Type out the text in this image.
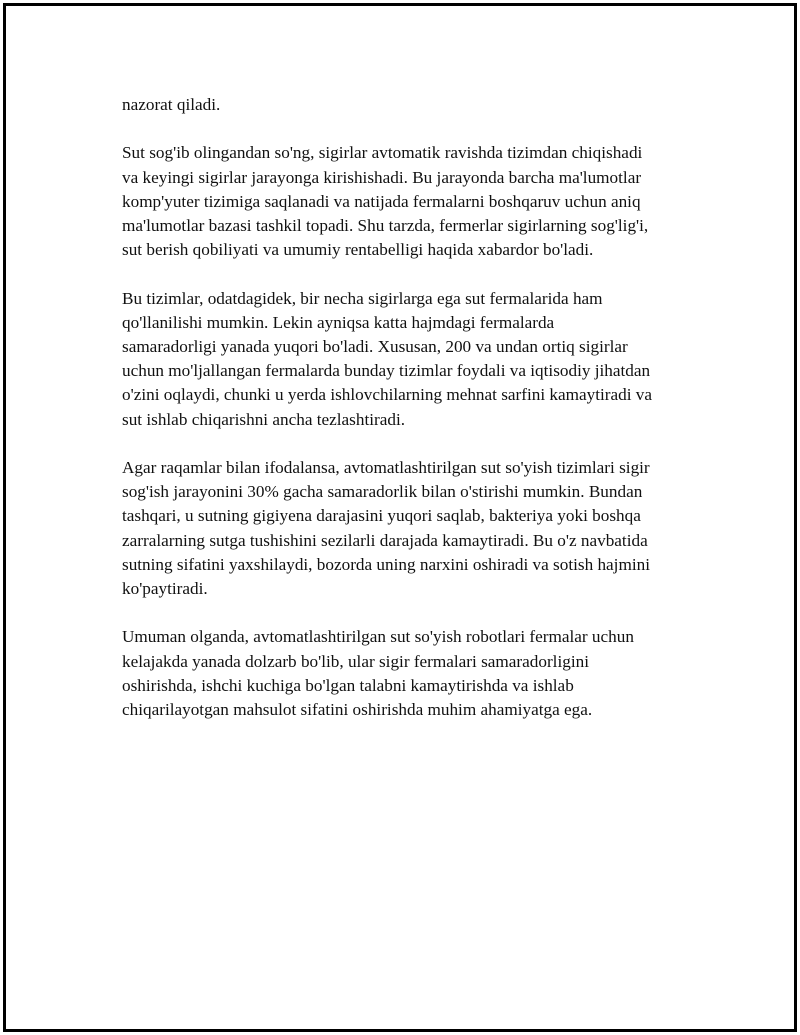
nazorat qiladi.

Sut sog'ib olingandan so'ng, sigirlar avtomatik ravishda tizimdan chiqishadi
va keyingi sigirlar jarayonga kirishishadi. Bu jarayonda barcha ma'lumotlar
komp'yuter tizimiga saqlanadi va natijada fermalarni boshqaruv uchun aniq
ma'lumotlar bazasi tashkil topadi. Shu tarzda, fermerlar sigirlarning sog'lig'i,
sut berish qobiliyati va umumiy rentabelligi haqida xabardor bo'ladi.

Bu tizimlar, odatdagidek, bir necha sigirlarga ega sut fermalarida ham
qo'llanilishi mumkin. Lekin ayniqsa katta hajmdagi fermalarda
samaradorligi yanada yuqori bo'ladi. Xususan, 200 va undan ortiq sigirlar
uchun mo'ljallangan fermalarda bunday tizimlar foydali va iqtisodiy jihatdan
o'zini oqlaydi, chunki u yerda ishlovchilarning mehnat sarfini kamaytiradi va
sut ishlab chiqarishni ancha tezlashtiradi.

Agar raqamlar bilan ifodalansa, avtomatlashtirilgan sut so'yish tizimlari sigir
sog'ish jarayonini 30% gacha samaradorlik bilan o'stirishi mumkin. Bundan
tashqari, u sutning gigiyena darajasini yuqori saqlab, bakteriya yoki boshqa
zarralarning sutga tushishini sezilarli darajada kamaytiradi. Bu o'z navbatida
sutning sifatini yaxshilaydi, bozorda uning narxini oshiradi va sotish hajmini
ko'paytiradi.

Umuman olganda, avtomatlashtirilgan sut so'yish robotlari fermalar uchun
kelajakda yanada dolzarb bo'lib, ular sigir fermalari samaradorligini
oshirishda, ishchi kuchiga bo'lgan talabni kamaytirishda va ishlab
chiqarilayotgan mahsulot sifatini oshirishda muhim ahamiyatga ega.
